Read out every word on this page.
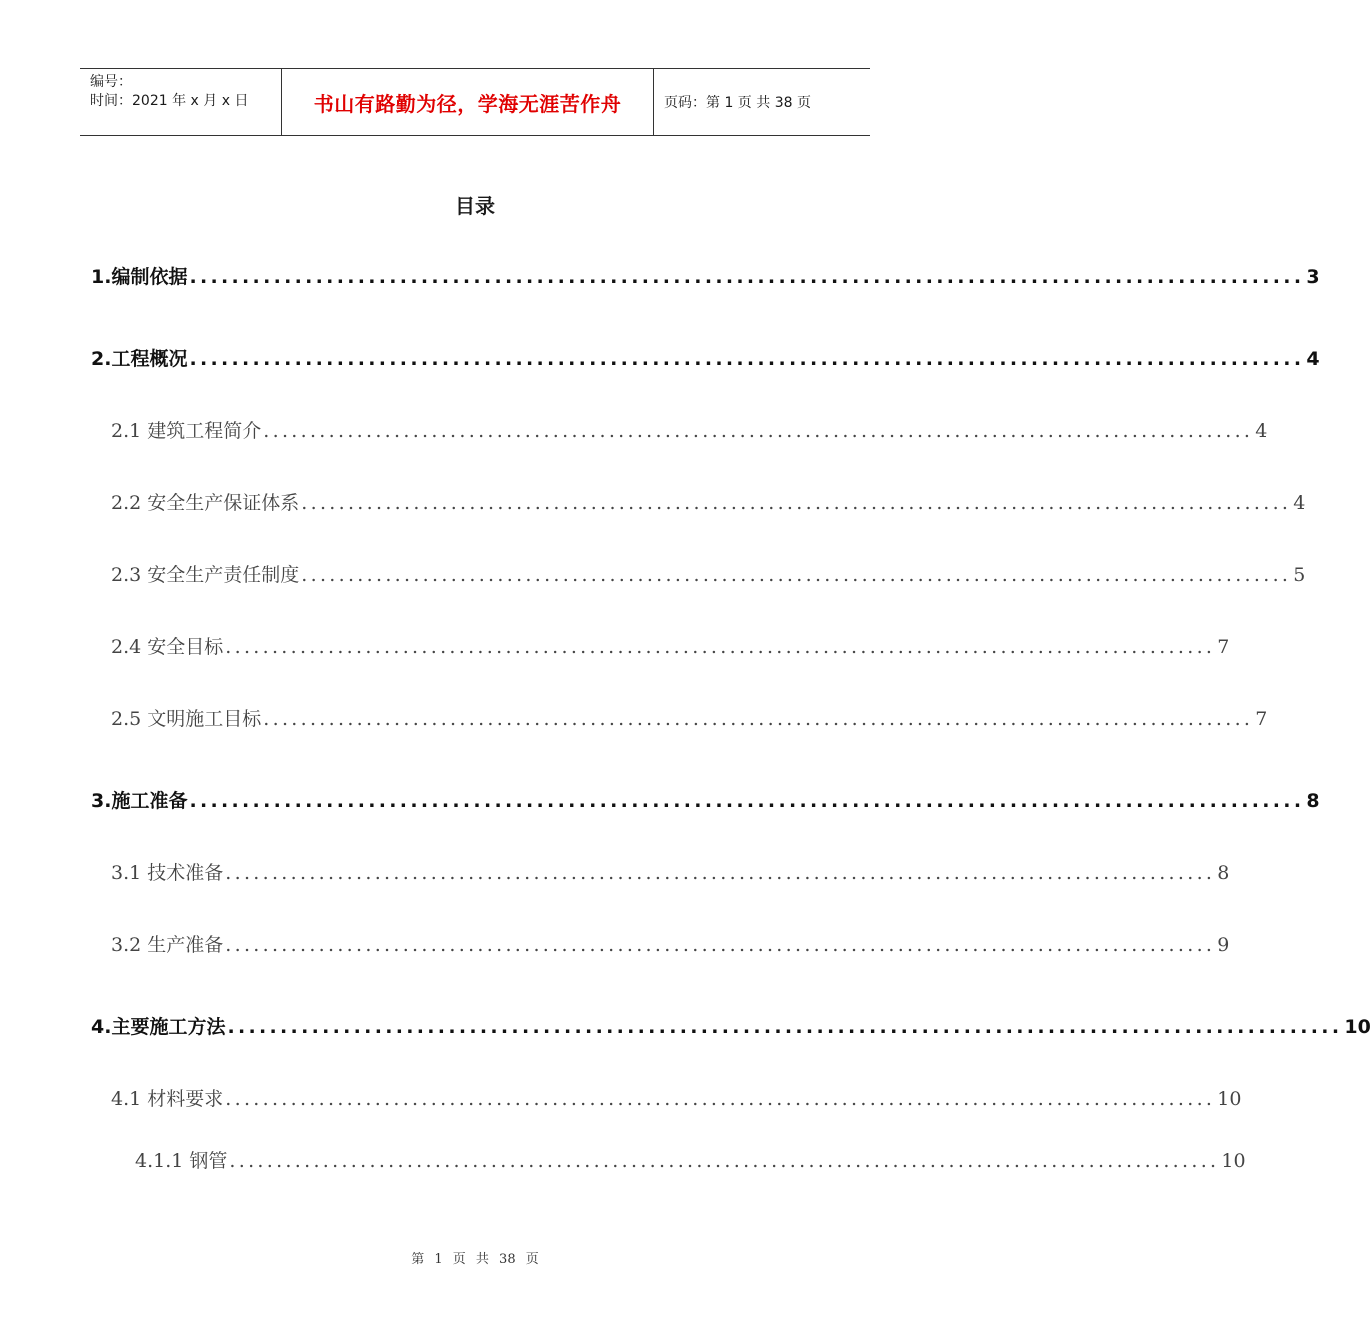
编号：
时间：2021 年 x 月 x 日	书山有路勤为径，学海无涯苦作舟	页码：第 1 页 共 38 页
目录
1.编制依据 .......................................................................................................... 3
2.工程概况 .......................................................................................................... 4
2.1 建筑工程简介 .......................................................................................................... 4
2.2 安全生产保证体系 .......................................................................................................... 4
2.3 安全生产责任制度 .......................................................................................................... 5
2.4 安全目标 .......................................................................................................... 7
2.5 文明施工目标 .......................................................................................................... 7
3.施工准备 .......................................................................................................... 8
3.1 技术准备 .......................................................................................................... 8
3.2 生产准备 .......................................................................................................... 9
4.主要施工方法 .......................................................................................................... 10
4.1 材料要求 .......................................................................................................... 10
4.1.1 钢管 .......................................................................................................... 10
第 1 页 共 38 页
